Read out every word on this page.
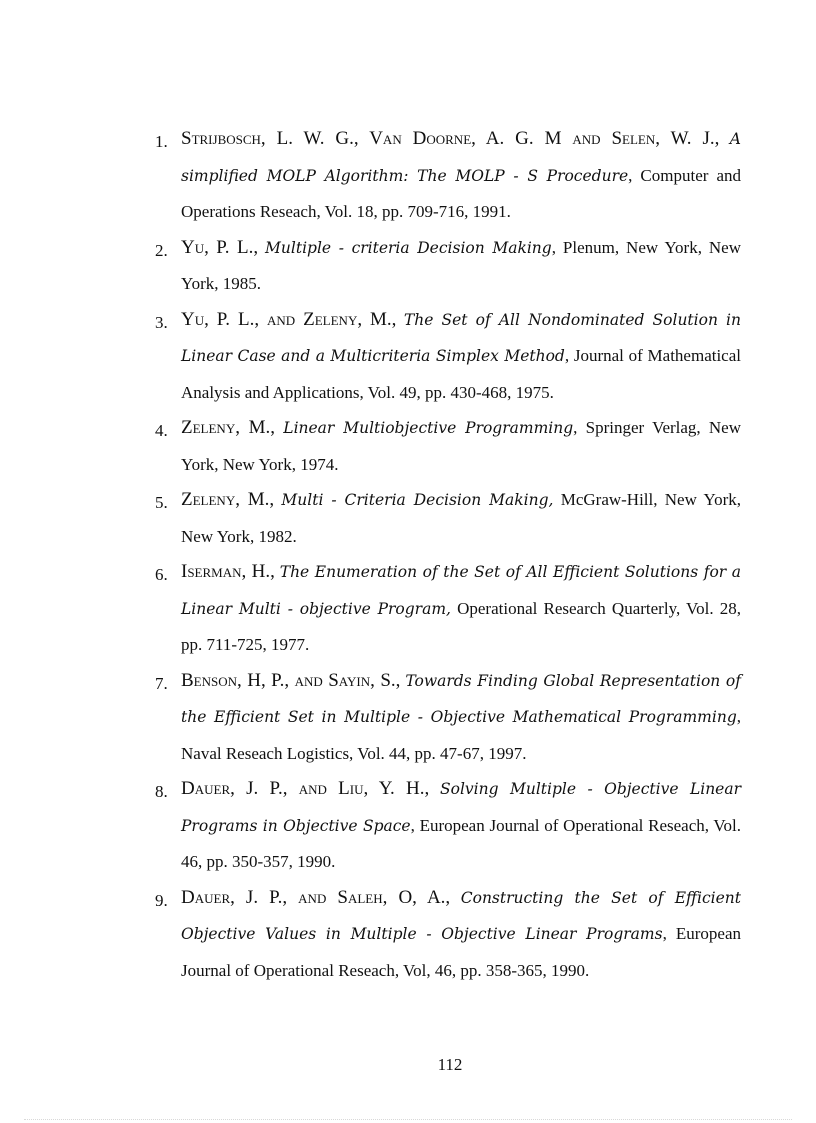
1. Strijbosch, L. W. G., Van Doorne, A. G. M and Selen, W. J., A simplified MOLP Algorithm: The MOLP - S Procedure, Computer and Operations Reseach, Vol. 18, pp. 709-716, 1991.
2. Yu, P. L., Multiple - criteria Decision Making, Plenum, New York, New York, 1985.
3. Yu, P. L., and Zeleny, M., The Set of All Nondominated Solution in Linear Case and a Multicriteria Simplex Method, Journal of Mathematical Analysis and Applications, Vol. 49, pp. 430-468, 1975.
4. Zeleny, M., Linear Multiobjective Programming, Springer Verlag, New York, New York, 1974.
5. Zeleny, M., Multi - Criteria Decision Making, McGraw-Hill, New York, New York, 1982.
6. Iserman, H., The Enumeration of the Set of All Efficient Solutions for a Linear Multi - objective Program, Operational Research Quarterly, Vol. 28, pp. 711-725, 1977.
7. Benson, H, P., and Sayin, S., Towards Finding Global Representation of the Efficient Set in Multiple - Objective Mathematical Programming, Naval Reseach Logistics, Vol. 44, pp. 47-67, 1997.
8. Dauer, J. P., and Liu, Y. H., Solving Multiple - Objective Linear Programs in Objective Space, European Journal of Operational Reseach, Vol. 46, pp. 350-357, 1990.
9. Dauer, J. P., and Saleh, O, A., Constructing the Set of Efficient Objective Values in Multiple - Objective Linear Programs, European Journal of Operational Reseach, Vol, 46, pp. 358-365, 1990.
112
